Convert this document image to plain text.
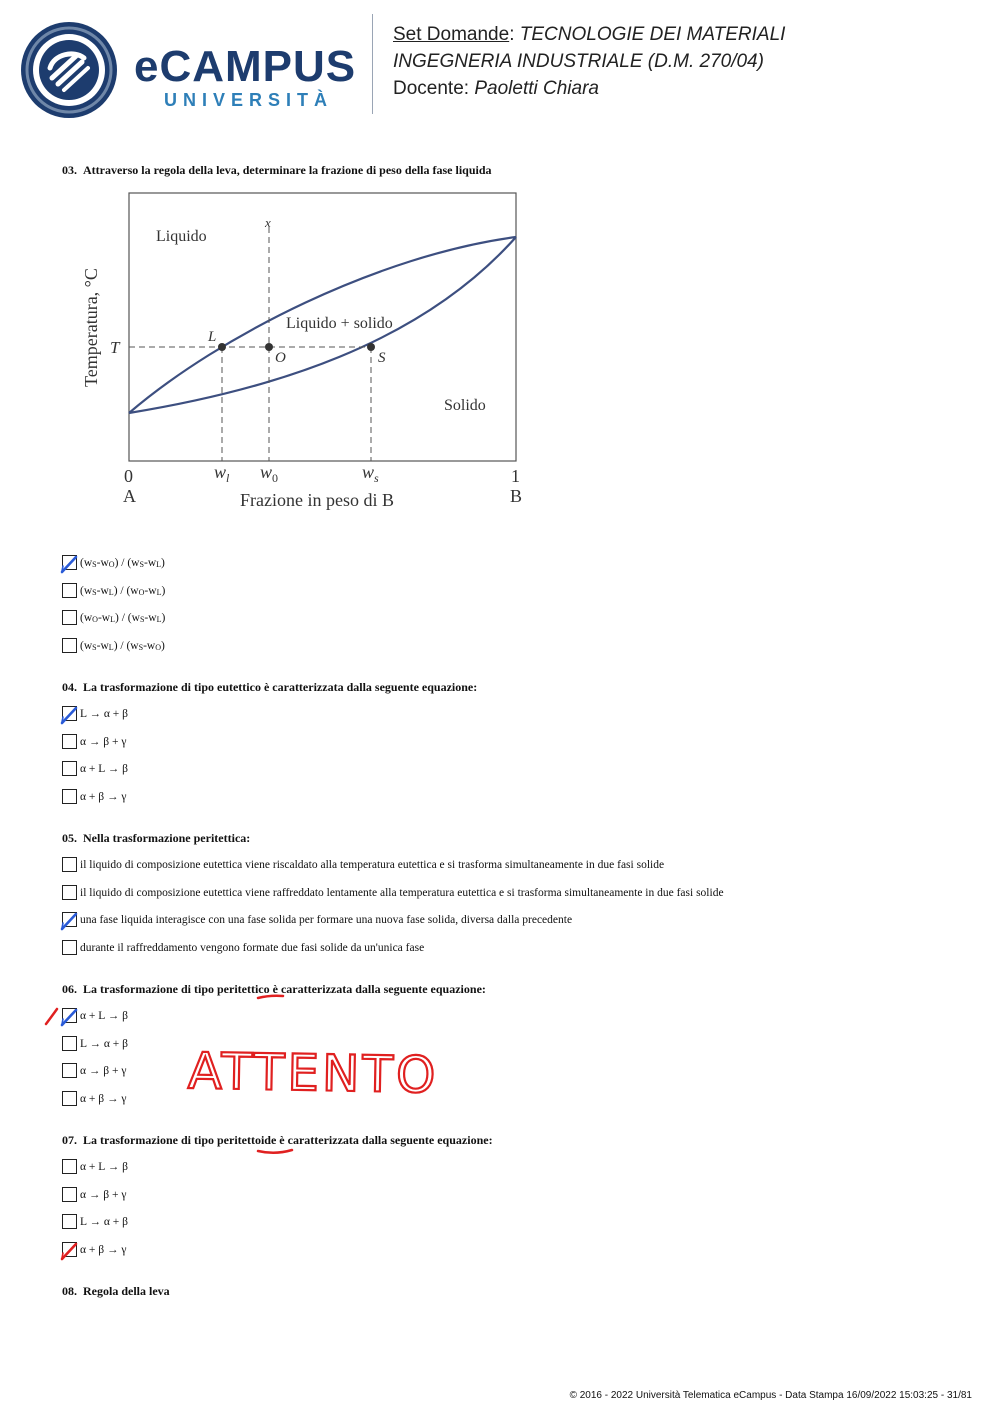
eCAMPUS
UNIVERSITÀ
Set Domande: TECNOLOGIE DEI MATERIALI
INGEGNERIA INDUSTRIALE (D.M. 270/04)
Docente: Paoletti Chiara
03. Attraverso la regola della leva, determinare la frazione di peso della fase liquida
Liquido
Liquido + solido
Solido
x
T
L
O	S
Temperatura, °C
0	1
A	B
Frazione in peso di B
$w_l$ $w_0$	$w_s$
ATTENTO
© 2016 - 2022 Università Telematica eCampus - Data Stampa 16/09/2022 15:03:25 - 31/81
$(w_S-w_O) / (w_S-w_L)$
$(w_S-w_L) / (w_O-w_L)$
$(w_O-w_L) / (w_S-w_L)$
$(w_S-w_L) / (w_S-w_O)$
04. La trasformazione di tipo eutettico è caratterizzata dalla seguente equazione:
L → α + β
α → β + γ
α + L → β
α + β → γ
05. Nella trasformazione peritettica:
il liquido di composizione eutettica viene riscaldato alla temperatura eutettica e si trasforma simultaneamente in due fasi solide
il liquido di composizione eutettica viene raffreddato lentamente alla temperatura eutettica e si trasforma simultaneamente in due fasi solide
una fase liquida interagisce con una fase solida per formare una nuova fase solida, diversa dalla precedente
durante il raffreddamento vengono formate due fasi solide da un'unica fase
06. La trasformazione di tipo peritettico è caratterizzata dalla seguente equazione:
α + L → β
L → α + β
α → β + γ
α + β → γ
07. La trasformazione di tipo peritettoide è caratterizzata dalla seguente equazione:
α + L → β
α → β + γ
L → α + β
α + β → γ
08. Regola della leva
